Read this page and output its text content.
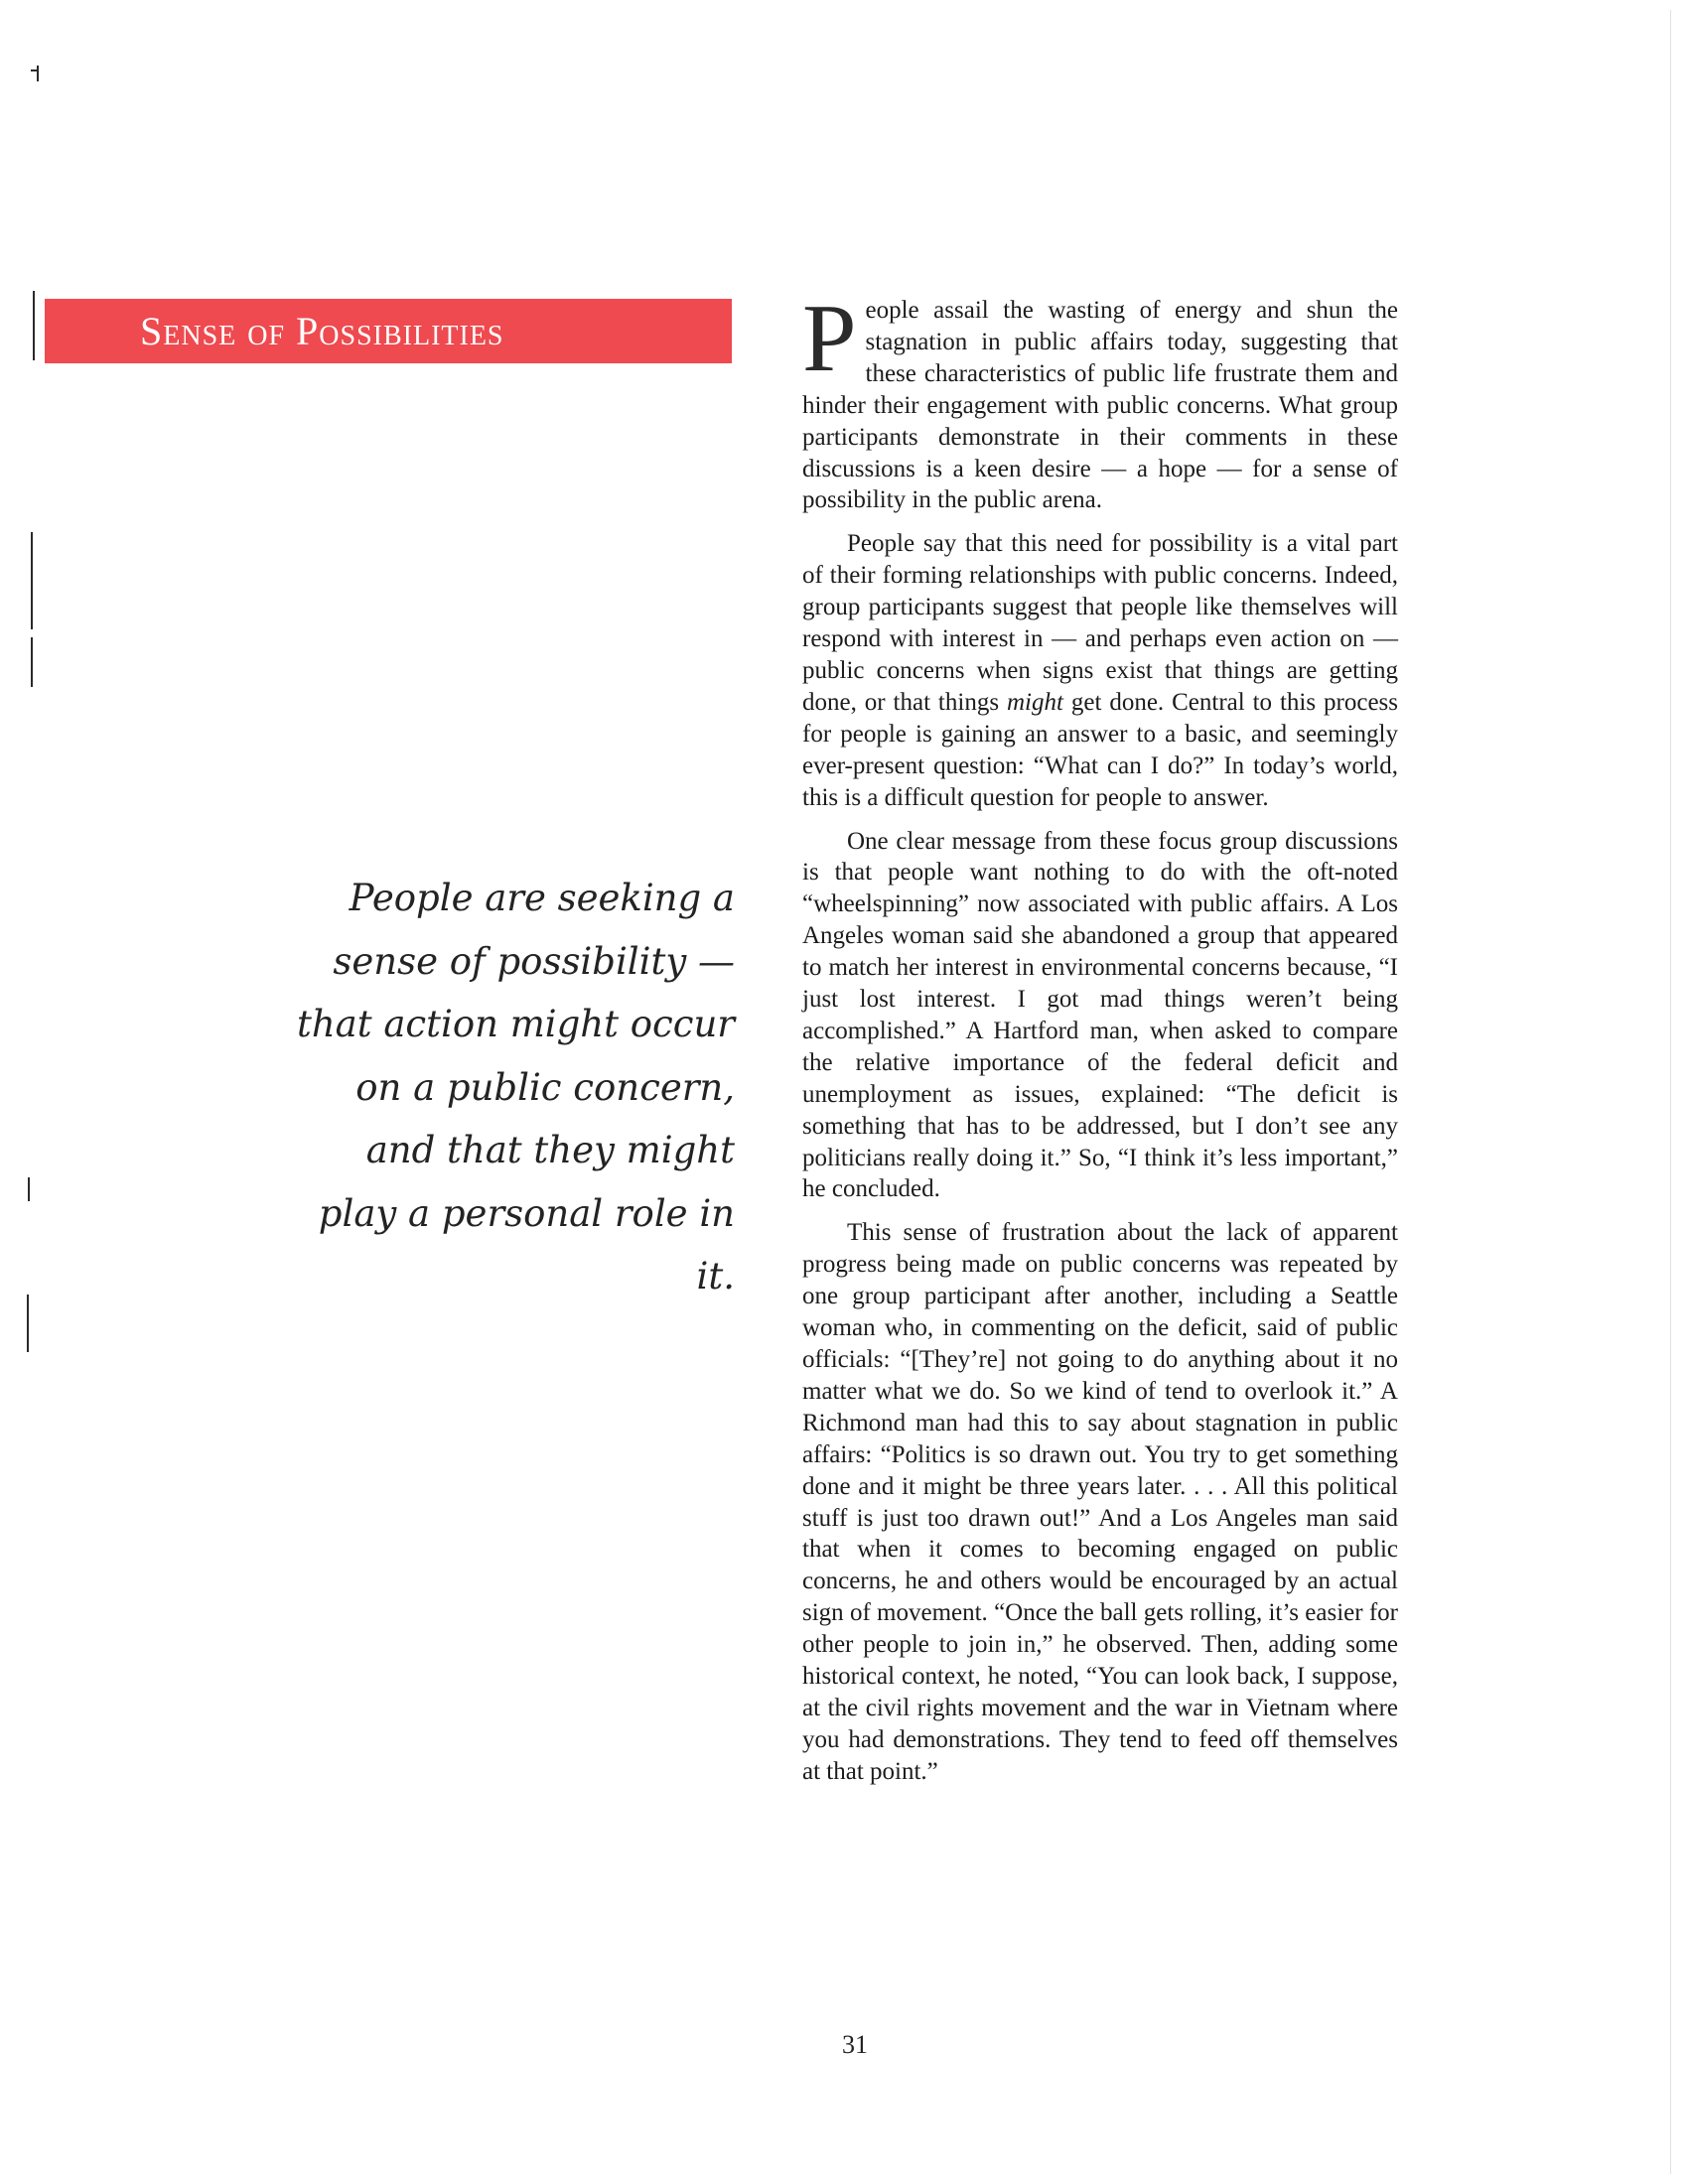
Sense of Possibilities

People are seeking a sense of possibility — that action might occur on a public concern, and that they might play a personal role in it.

People assail the wasting of energy and shun the stagnation in public affairs today, suggesting that these characteristics of public life frustrate them and hinder their engagement with public concerns. What group participants demonstrate in their comments in these discussions is a keen desire — a hope — for a sense of possibility in the public arena.

People say that this need for possibility is a vital part of their forming relationships with public concerns. Indeed, group participants suggest that people like themselves will respond with interest in — and perhaps even action on — public concerns when signs exist that things are getting done, or that things might get done. Central to this process for people is gaining an answer to a basic, and seemingly ever-present question: “What can I do?” In today’s world, this is a difficult question for people to answer.

One clear message from these focus group discussions is that people want nothing to do with the oft-noted “wheelspinning” now associated with public affairs. A Los Angeles woman said she abandoned a group that appeared to match her interest in environmental concerns because, “I just lost interest. I got mad things weren’t being accomplished.” A Hartford man, when asked to compare the relative importance of the federal deficit and unemployment as issues, explained: “The deficit is something that has to be addressed, but I don’t see any politicians really doing it.” So, “I think it’s less important,” he concluded.

This sense of frustration about the lack of apparent progress being made on public concerns was repeated by one group participant after another, including a Seattle woman who, in commenting on the deficit, said of public officials: “[They’re] not going to do anything about it no matter what we do. So we kind of tend to overlook it.” A Richmond man had this to say about stagnation in public affairs: “Politics is so drawn out. You try to get something done and it might be three years later. . . . All this political stuff is just too drawn out!” And a Los Angeles man said that when it comes to becoming engaged on public concerns, he and others would be encouraged by an actual sign of movement. “Once the ball gets rolling, it’s easier for other people to join in,” he observed. Then, adding some historical context, he noted, “You can look back, I suppose, at the civil rights movement and the war in Vietnam where you had demonstrations. They tend to feed off themselves at that point.”

31
